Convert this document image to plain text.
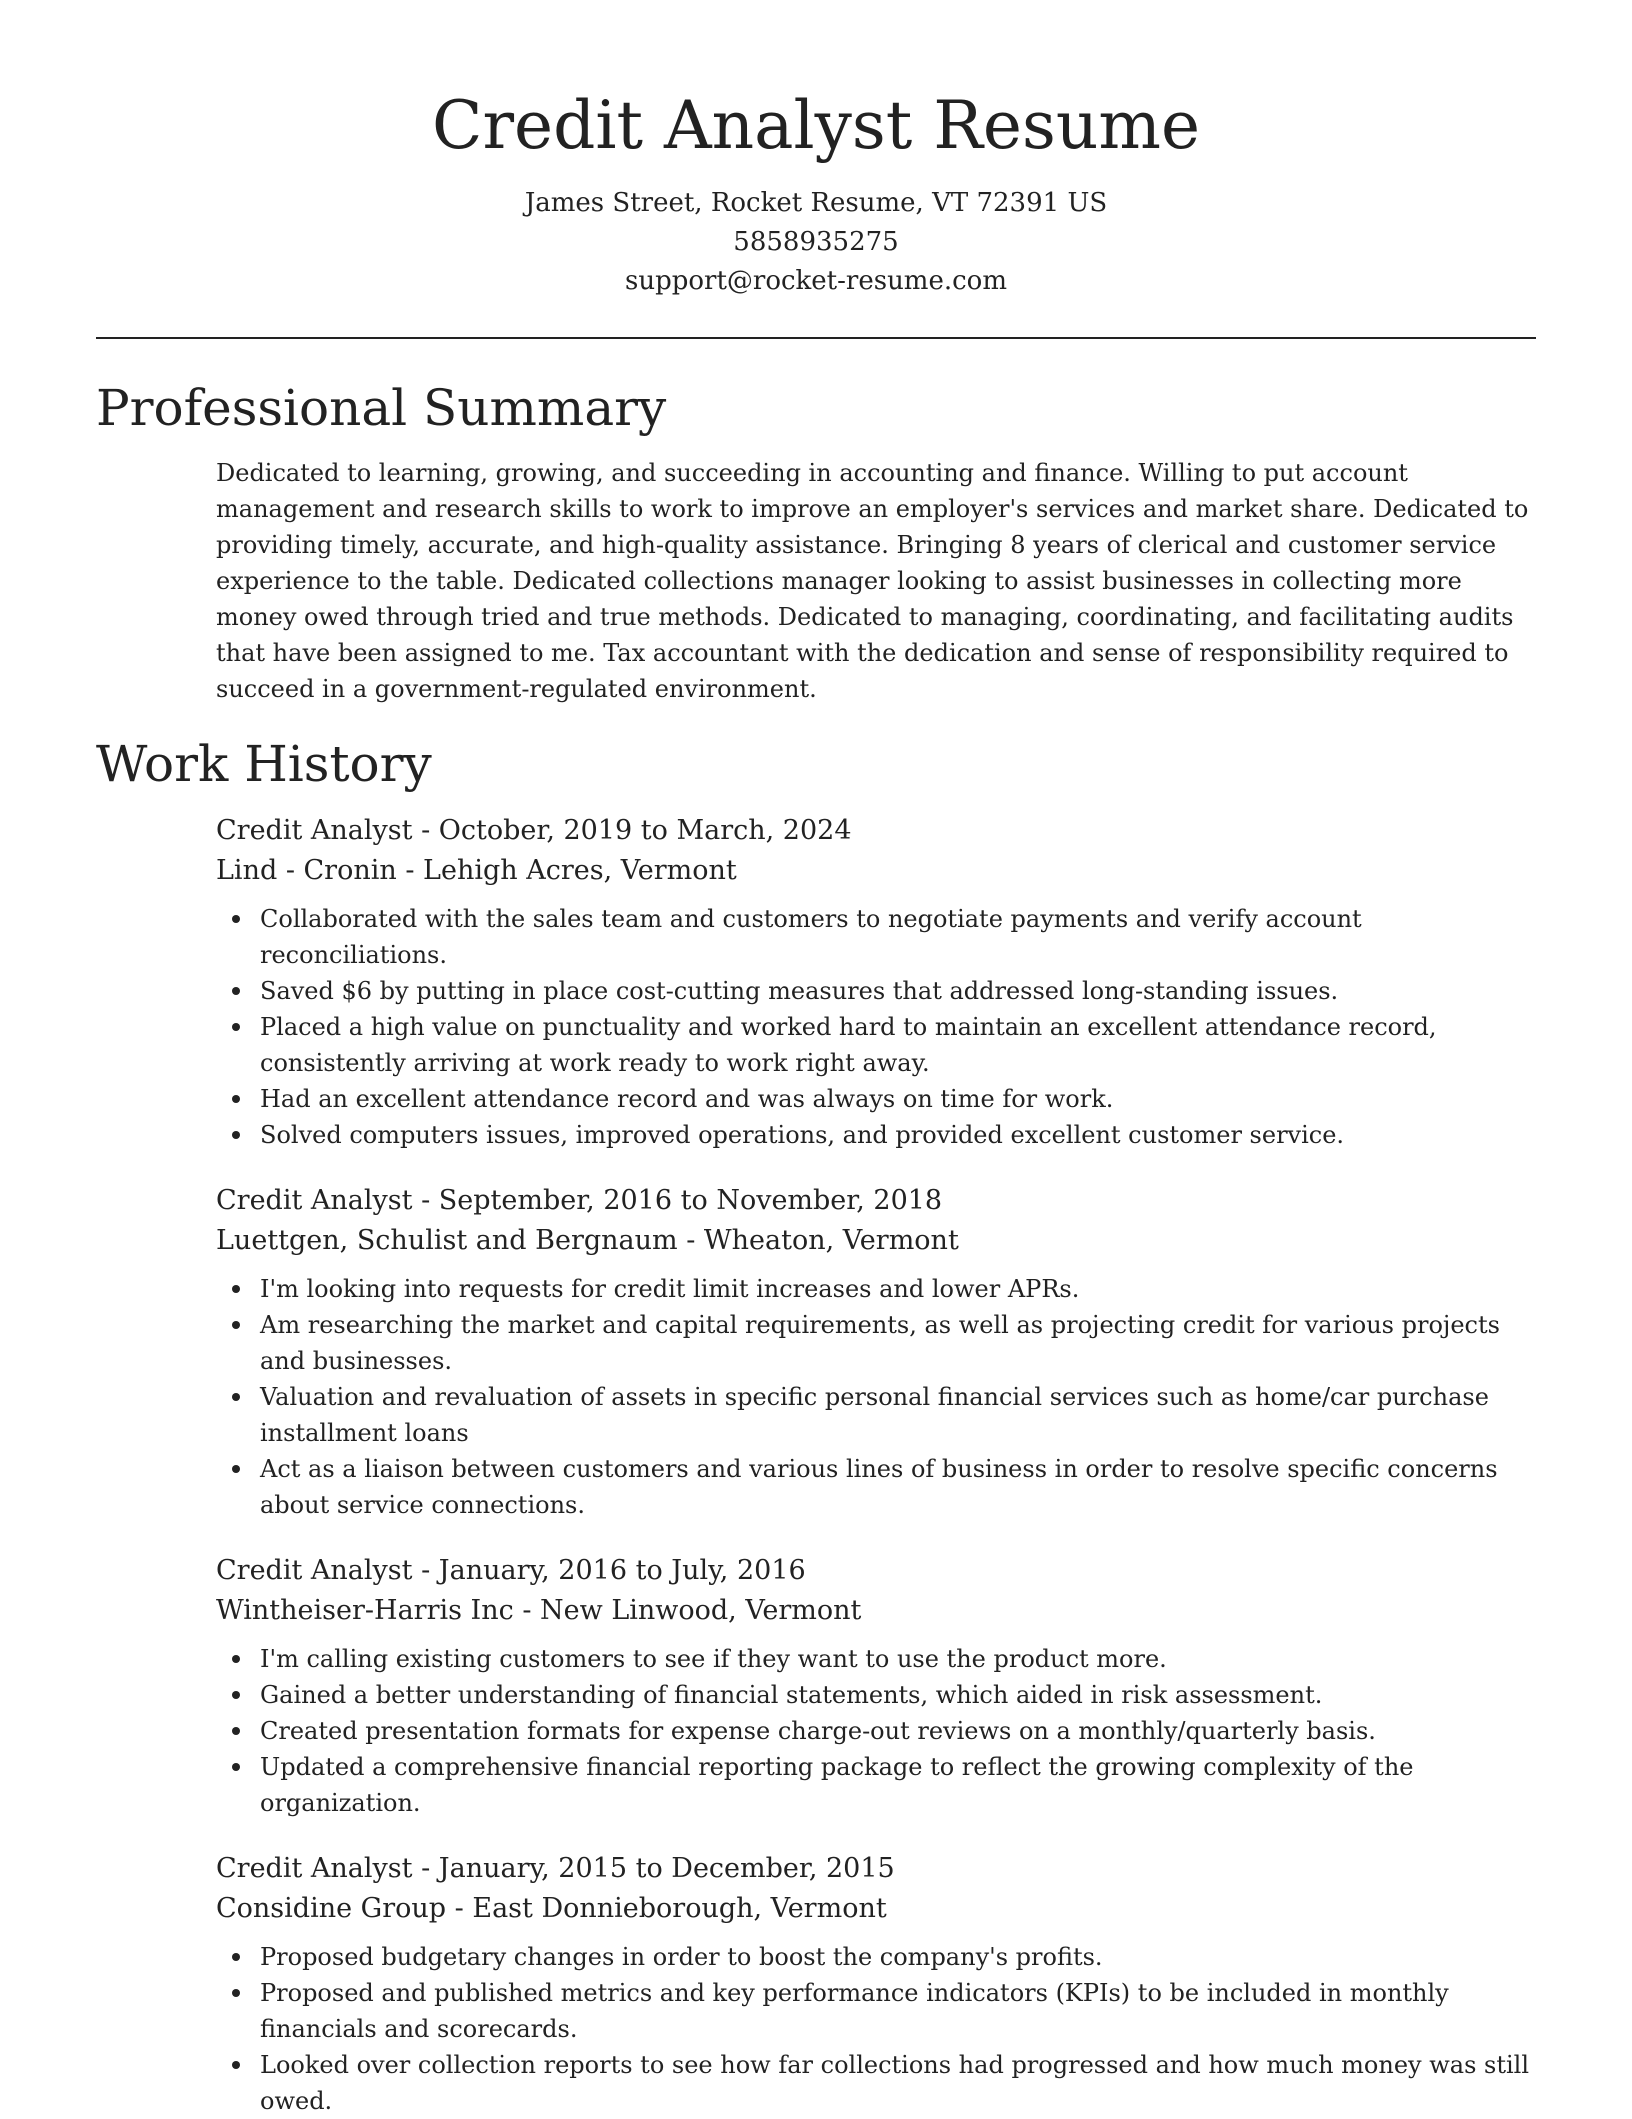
Credit Analyst Resume

James Street, Rocket Resume, VT 72391 US

5858935275

support@rocket-resume.com

Professional Summary

Dedicated to learning, growing, and succeeding in accounting and finance. Willing to put account management and research skills to work to improve an employer's services and market share. Dedicated to providing timely, accurate, and high-quality assistance. Bringing 8 years of clerical and customer service experience to the table. Dedicated collections manager looking to assist businesses in collecting more money owed through tried and true methods. Dedicated to managing, coordinating, and facilitating audits that have been assigned to me. Tax accountant with the dedication and sense of responsibility required to succeed in a government-regulated environment.

Work History

Credit Analyst - October, 2019 to March, 2024

Lind - Cronin - Lehigh Acres, Vermont

Collaborated with the sales team and customers to negotiate payments and verify account reconciliations.
Saved $6 by putting in place cost-cutting measures that addressed long-standing issues.
Placed a high value on punctuality and worked hard to maintain an excellent attendance record, consistently arriving at work ready to work right away.
Had an excellent attendance record and was always on time for work.
Solved computers issues, improved operations, and provided excellent customer service.

Credit Analyst - September, 2016 to November, 2018

Luettgen, Schulist and Bergnaum - Wheaton, Vermont

I'm looking into requests for credit limit increases and lower APRs.
Am researching the market and capital requirements, as well as projecting credit for various projects and businesses.
Valuation and revaluation of assets in specific personal financial services such as home/car purchase installment loans
Act as a liaison between customers and various lines of business in order to resolve specific concerns about service connections.

Credit Analyst - January, 2016 to July, 2016

Wintheiser-Harris Inc - New Linwood, Vermont

I'm calling existing customers to see if they want to use the product more.
Gained a better understanding of financial statements, which aided in risk assessment.
Created presentation formats for expense charge-out reviews on a monthly/quarterly basis.
Updated a comprehensive financial reporting package to reflect the growing complexity of the organization.

Credit Analyst - January, 2015 to December, 2015

Considine Group - East Donnieborough, Vermont

Proposed budgetary changes in order to boost the company's profits.
Proposed and published metrics and key performance indicators (KPIs) to be included in monthly financials and scorecards.
Looked over collection reports to see how far collections had progressed and how much money was still owed.
